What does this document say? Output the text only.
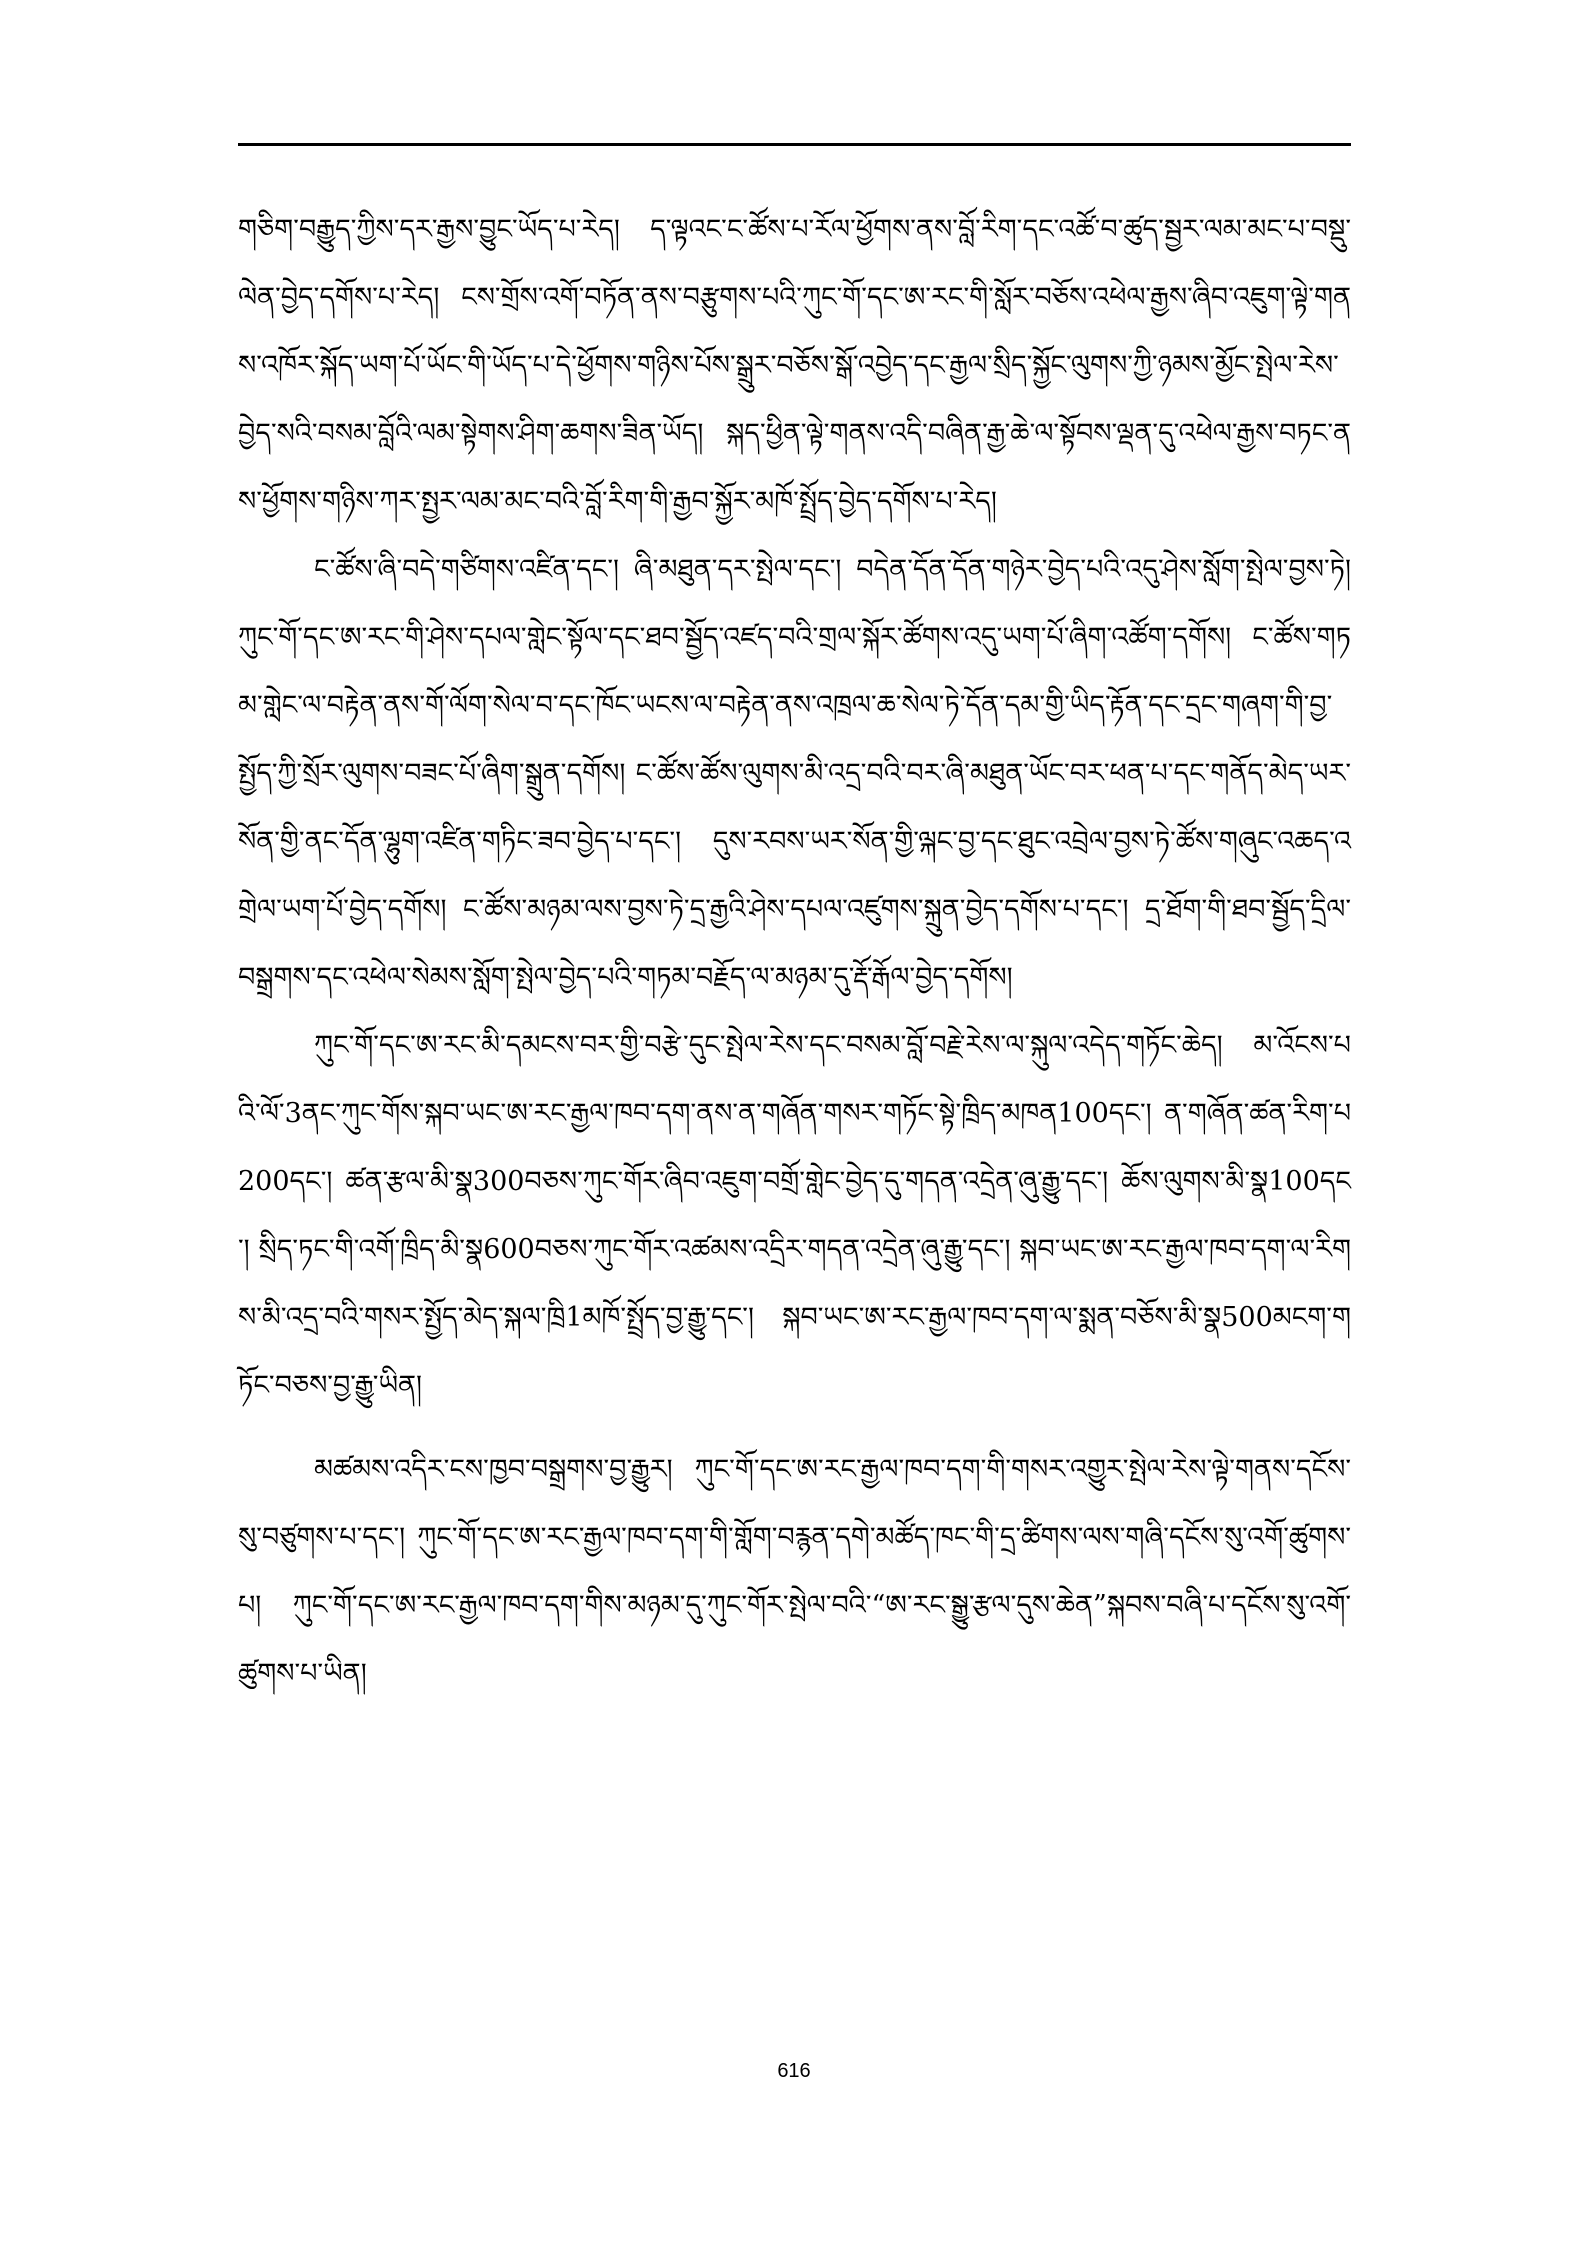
གཅིག་བརྒྱུད་ཀྱིས་དར་རྒྱས་བྱུང་ཡོད་པ་རེད། ད་ལྟའང་ང་ཚོས་པ་རོལ་ཕྱོགས་ནས་བློ་རིག་དང་འཚོ་བ་ཚུད་སྦྱར་ལམ་མང་པ་བསྡུ་ལེན་བྱེད་དགོས་པ་རེད། ངས་གྲོས་འགོ་བཏོན་ནས་བརྩུགས་པའི་ཀུང་གོ་དང་ཨ་རང་གི་སློར་བཅོས་འཕེལ་རྒྱས་ཞིབ་འཇུག་ལྟེ་གནས་འཁོར་སྐོད་ཡག་པོ་ཡོང་གི་ཡོད་པ་དེ་ཕྱོགས་གཉིས་པོས་སྒྲུར་བཅོས་སྒོ་འབྱེད་དང་རྒྱལ་སྲིད་སྐྱོང་ལུགས་ཀྱི་ཉམས་མྱོང་སྤེལ་རེས་བྱེད་སའི་བསམ་བློའི་ལམ་སྟེགས་ཤིག་ཆགས་ཟིན་ཡོད། སྐད་ཕྱིན་ལྟེ་གནས་འདི་བཞིན་རྒྱ་ཆེ་ལ་སྟོབས་ལྡན་དུ་འཕེལ་རྒྱས་བཏང་ནས་ཕྱོགས་གཉིས་ཀར་སྤྱར་ལམ་མང་བའི་བློ་རིག་གི་རྒྱབ་སྐྱོར་མཁོ་སྤྲོད་བྱེད་དགོས་པ་རེད།

ང་ཚོས་ཞི་བདེ་གཙིགས་འཛིན་དང་། ཞི་མཐུན་དར་སྤེལ་དང་། བདེན་དོན་དོན་གཉེར་བྱེད་པའི་འདུ་ཤེས་སློག་སྤེལ་བྱས་ཏེ། ཀུང་གོ་དང་ཨ་རང་གི་ཤེས་དཔལ་གླེང་སྟོལ་དང་ཐབ་སྦྱོད་འཛད་བའི་གྲལ་སྐོར་ཚོགས་འདུ་ཡག་པོ་ཞིག་འཚོག་དགོས། ང་ཚོས་གཏམ་གླེང་ལ་བརྟེན་ནས་གོ་ལོག་སེལ་བ་དང་ཁོང་ཡངས་ལ་བརྟེན་ནས་འཁྲལ་ཆ་སེལ་ཏེ་དོན་དམ་གྱི་ཡིད་རྟོན་དང་དྲང་གཞག་གི་བྱ་སྤྱོད་ཀྱི་སྲོར་ལུགས་བཟང་པོ་ཞིག་སྒྲུན་དགོས། ང་ཚོས་ཚོས་ལུགས་མི་འདྲ་བའི་བར་ཞི་མཐུན་ཡོང་བར་ཕན་པ་དང་གནོད་མེད་ཡར་སོན་གྱི་ནང་དོན་ལྷུག་འཛིན་གཏིང་ཟབ་བྱེད་པ་དང་། དུས་རབས་ཡར་སོན་གྱི་ལྐང་བྱ་དང་ཐུང་འབྲེལ་བྱས་ཏེ་ཚོས་གཞུང་འཆད་འགྲེལ་ཡག་པོ་བྱེད་དགོས། ང་ཚོས་མཉམ་ལས་བྱས་ཏེ་དྲ་རྒྱའི་ཤེས་དཔལ་འཛུགས་སྐྲུན་བྱེད་དགོས་པ་དང་། དྲ་ཐོག་གི་ཐབ་སྦྱོད་དྲིལ་བསྒྲགས་དང་འཕེལ་སེམས་སློག་སྤེལ་བྱེད་པའི་གཏམ་བརྗོད་ལ་མཉམ་དུ་རྡོ་རྒོལ་བྱེད་དགོས།

ཀུང་གོ་དང་ཨ་རང་མི་དམངས་བར་གྱི་བརྩེ་དུང་སྤེལ་རེས་དང་བསམ་བློ་བརྗེ་རེས་ལ་སྐུལ་འདེད་གཏོང་ཆེད། མ་འོངས་པའི་ལོ་3ནང་ཀུང་གོས་སྐབ་ཡང་ཨ་རང་རྒྱལ་ཁབ་དག་ནས་ན་གཞོན་གསར་གཏོང་སྟེ་ཁྲིད་མཁན100དང་། ན་གཞོན་ཚན་རིག་པ200དང་། ཚན་རྩལ་མི་སྣ300བཅས་ཀུང་གོར་ཞིབ་འཇུག་བགྲོ་གླེང་བྱེད་དུ་གདན་འདྲེན་ཞུ་རྒྱུ་དང་། ཆོས་ལུགས་མི་སྣ100དང་། སྲིད་ཏང་གི་འགོ་ཁྲིད་མི་སྣ600བཅས་ཀུང་གོར་འཚམས་འདྲིར་གདན་འདྲེན་ཞུ་རྒྱུ་དང་། སྐབ་ཡང་ཨ་རང་རྒྱལ་ཁབ་དག་ལ་རིགས་མི་འདྲ་བའི་གསར་སྤྱོད་མེད་སྐལ་ཁྲི1མཁོ་སྤྲོད་བྱ་རྒྱུ་དང་། སྐབ་ཡང་ཨ་རང་རྒྱལ་ཁབ་དག་ལ་སྨན་བཅོས་མི་སྣ500མངག་གཏོང་བཅས་བྱ་རྒྱུ་ཡིན།

མཚམས་འདིར་ངས་ཁྱབ་བསྒྲགས་བྱ་རྒྱུར། ཀུང་གོ་དང་ཨ་རང་རྒྱལ་ཁབ་དག་གི་གསར་འགྱུར་སྤེལ་རེས་ལྟེ་གནས་དངོས་སུ་བཙུགས་པ་དང་། ཀུང་གོ་དང་ཨ་རང་རྒྱལ་ཁབ་དག་གི་གློག་བརྙན་དགེ་མཚོད་ཁང་གི་དྲ་ཚིགས་ལས་གཞི་དངོས་སུ་འགོ་ཚུགས་པ། ཀུང་གོ་དང་ཨ་རང་རྒྱལ་ཁབ་དག་གིས་མཉམ་དུ་ཀུང་གོར་སྤེལ་བའི་“ཨ་རང་སྒྱུ་རྩལ་དུས་ཆེན”སྐབས་བཞི་པ་དངོས་སུ་འགོ་ཚུགས་པ་ཡིན།

616
